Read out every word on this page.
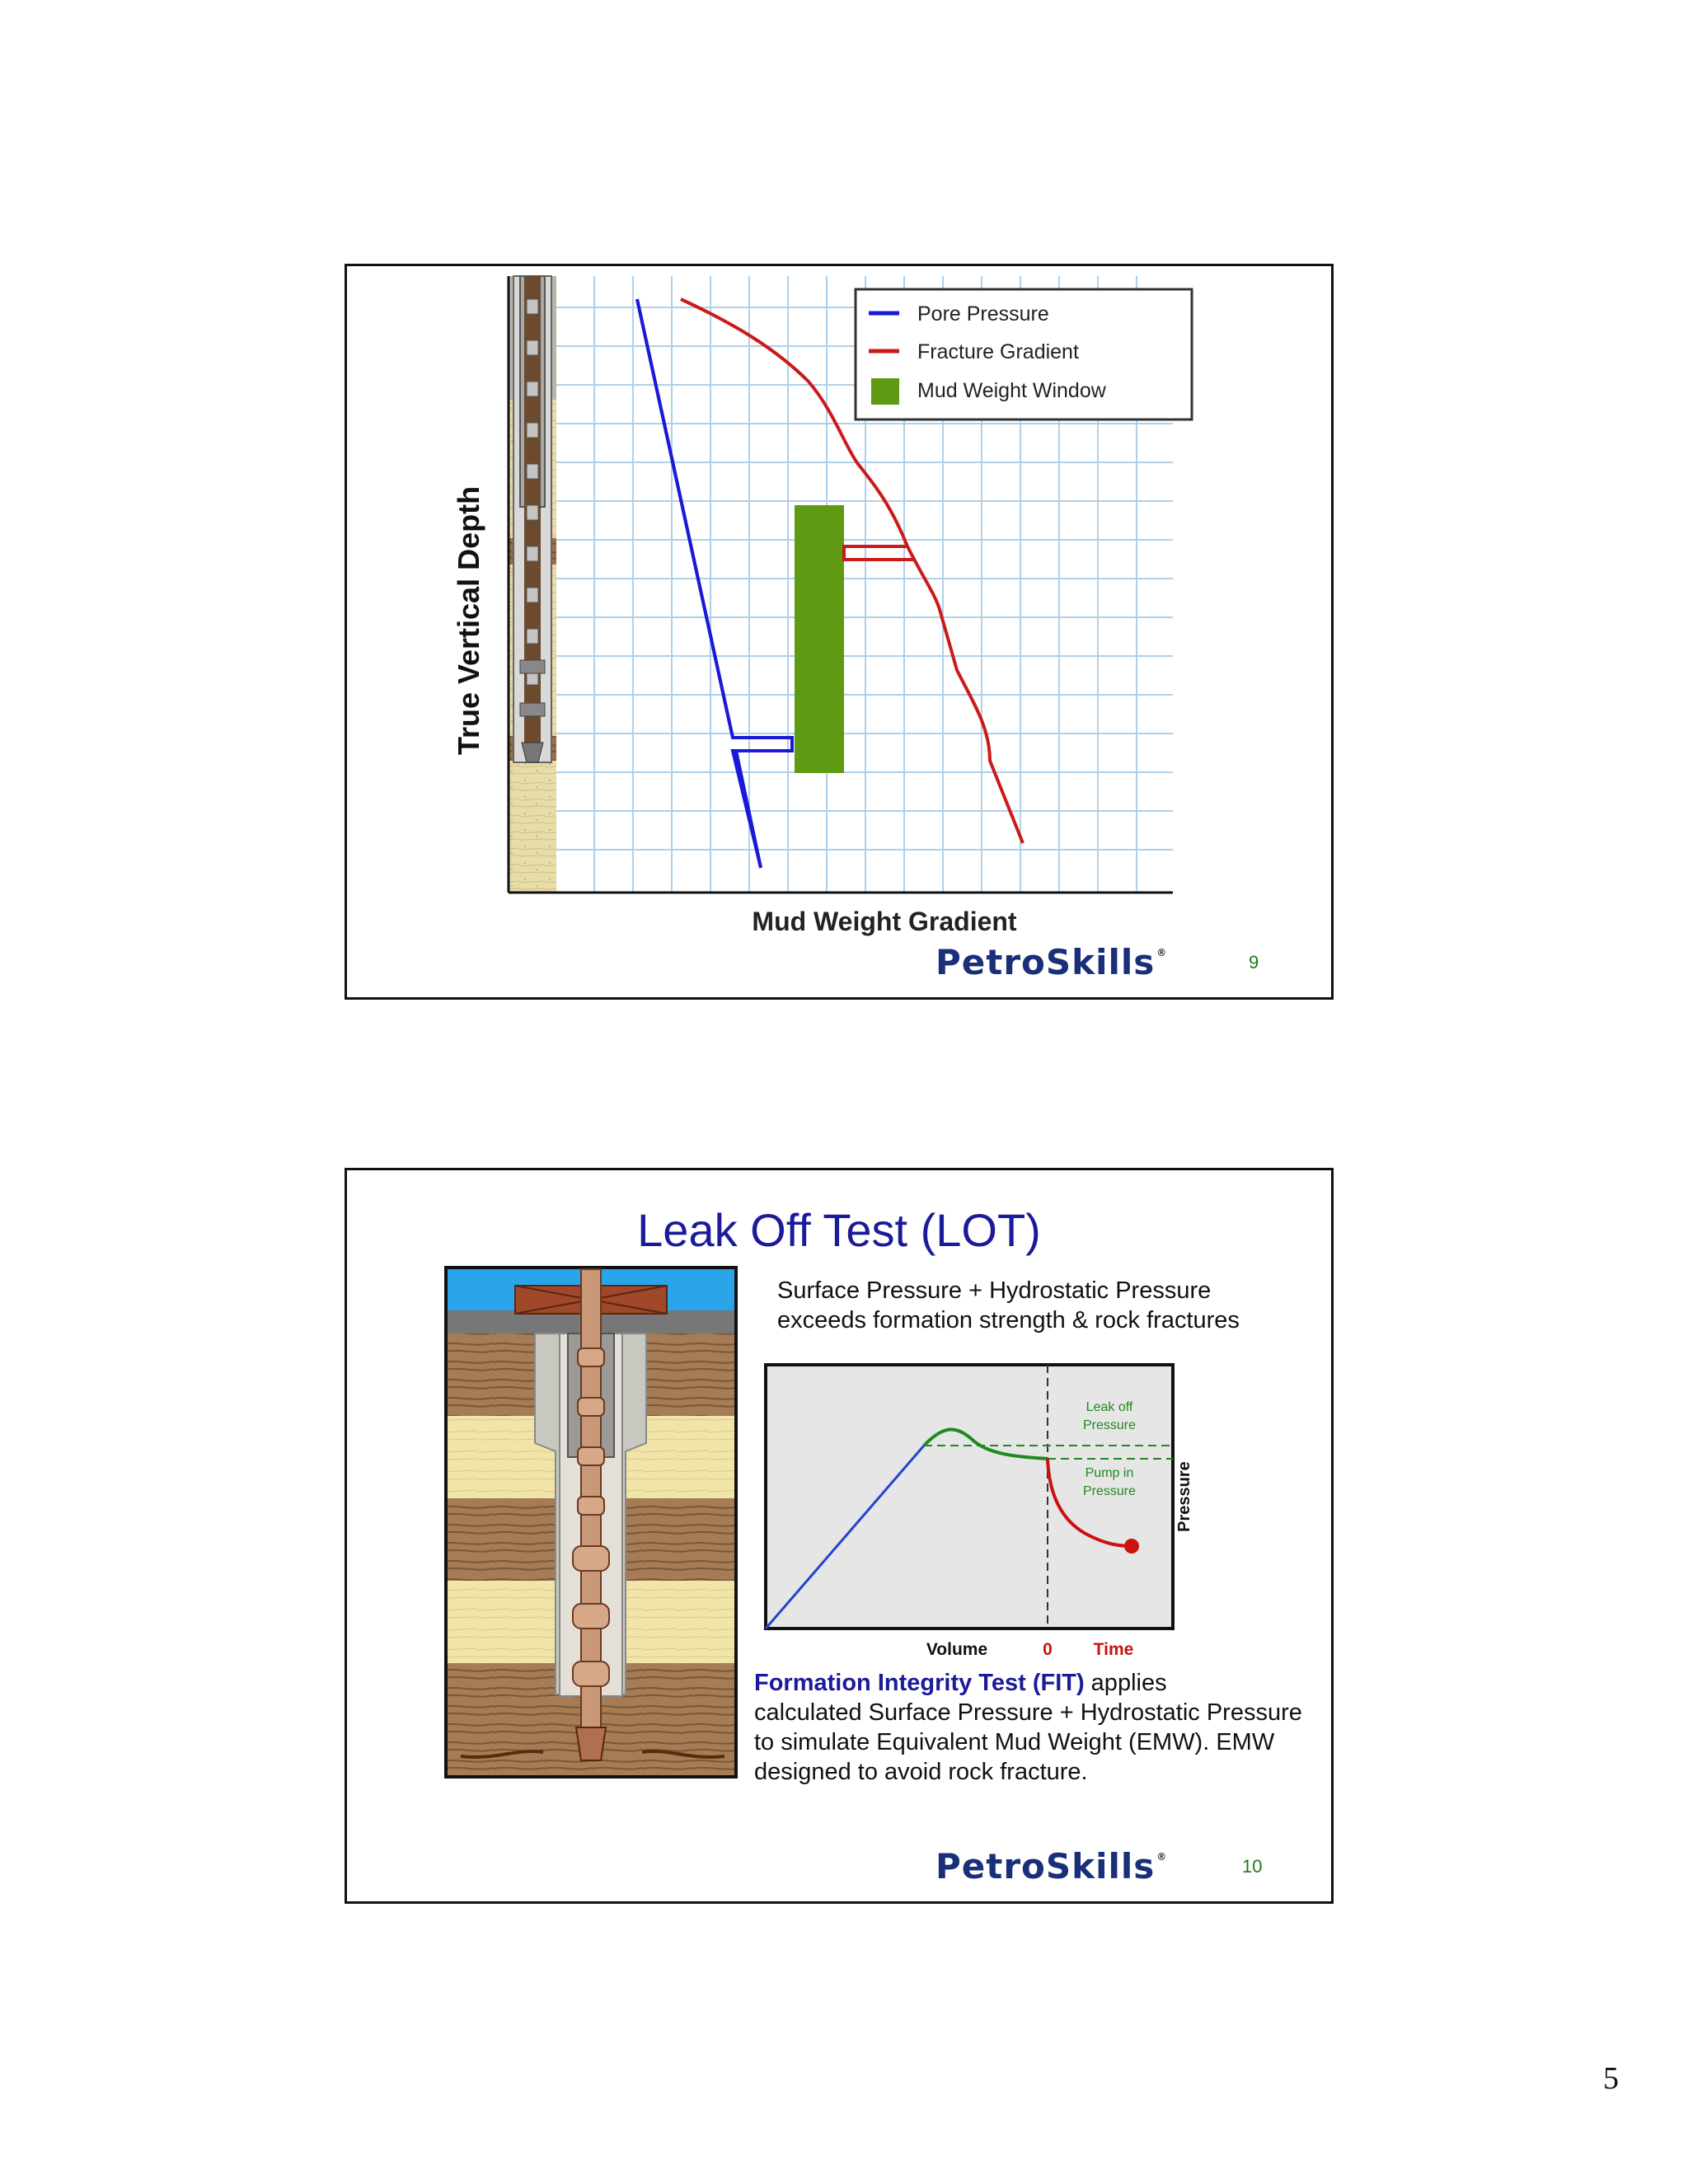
Pore Pressure
Fracture Gradient
Mud Weight Window
True Vertical Depth
Mud Weight Gradient
PetroSkills ®	9
Leak Off Test (LOT)
Surface Pressure + Hydrostatic Pressure
exceeds formation strength & rock fractures
Leak off
Pressure
Pump in
Pressure Pressure
Volume	0 Time
Formation Integrity Test (FIT) applies
calculated Surface Pressure + Hydrostatic Pressure
to simulate Equivalent Mud Weight (EMW). EMW
designed to avoid rock fracture.
PetroSkills ®	10
5
